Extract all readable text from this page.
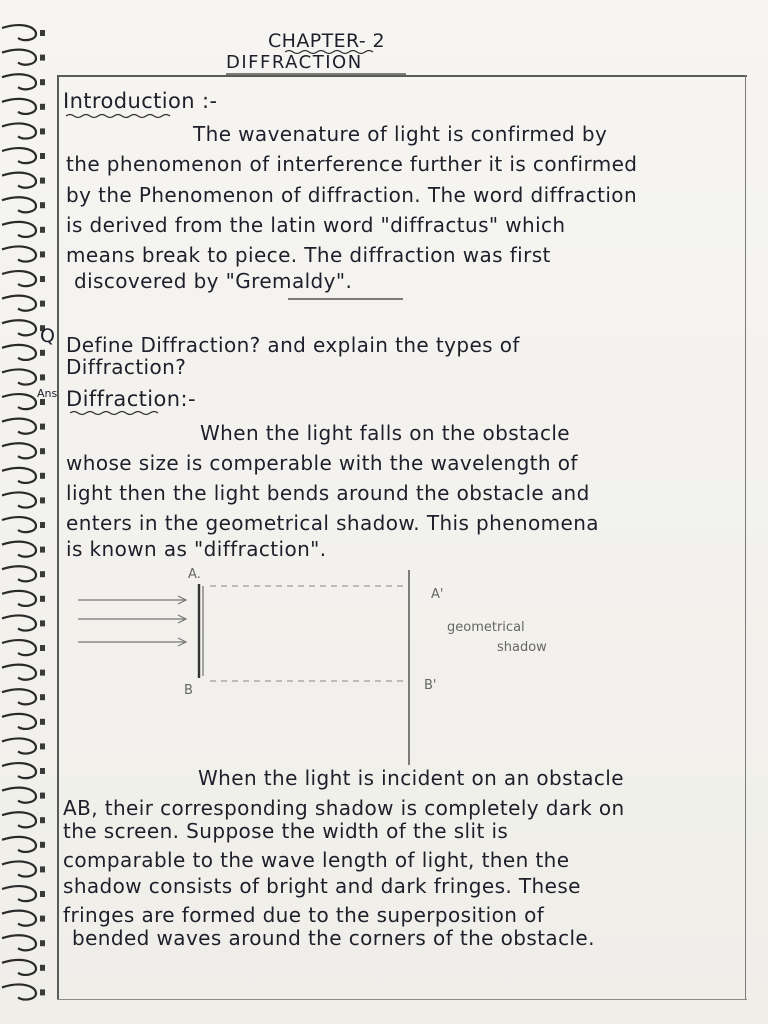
CHAPTER- 2
DIFFRACTION
Introduction :-
The wavenature of light is confirmed by
the phenomenon of interference further it is confirmed
by the Phenomenon of diffraction. The word diffraction
is derived from the latin word "diffractus" which
means break to piece. The diffraction was first
discovered by "Gremaldy".
Q Define Diffraction? and explain the types of
Diffraction?
Ans Diffraction:-
When the light falls on the obstacle
whose size is comperable with the wavelength of
light then the light bends around the obstacle and
enters in the geometrical shadow. This phenomena
is known as "diffraction".
A.
B
A'
B'
geometrical
shadow
When the light is incident on an obstacle
AB, their corresponding shadow is completely dark on
the screen. Suppose the width of the slit is
comparable to the wave length of light, then the
shadow consists of bright and dark fringes. These
fringes are formed due to the superposition of
bended waves around the corners of the obstacle.
